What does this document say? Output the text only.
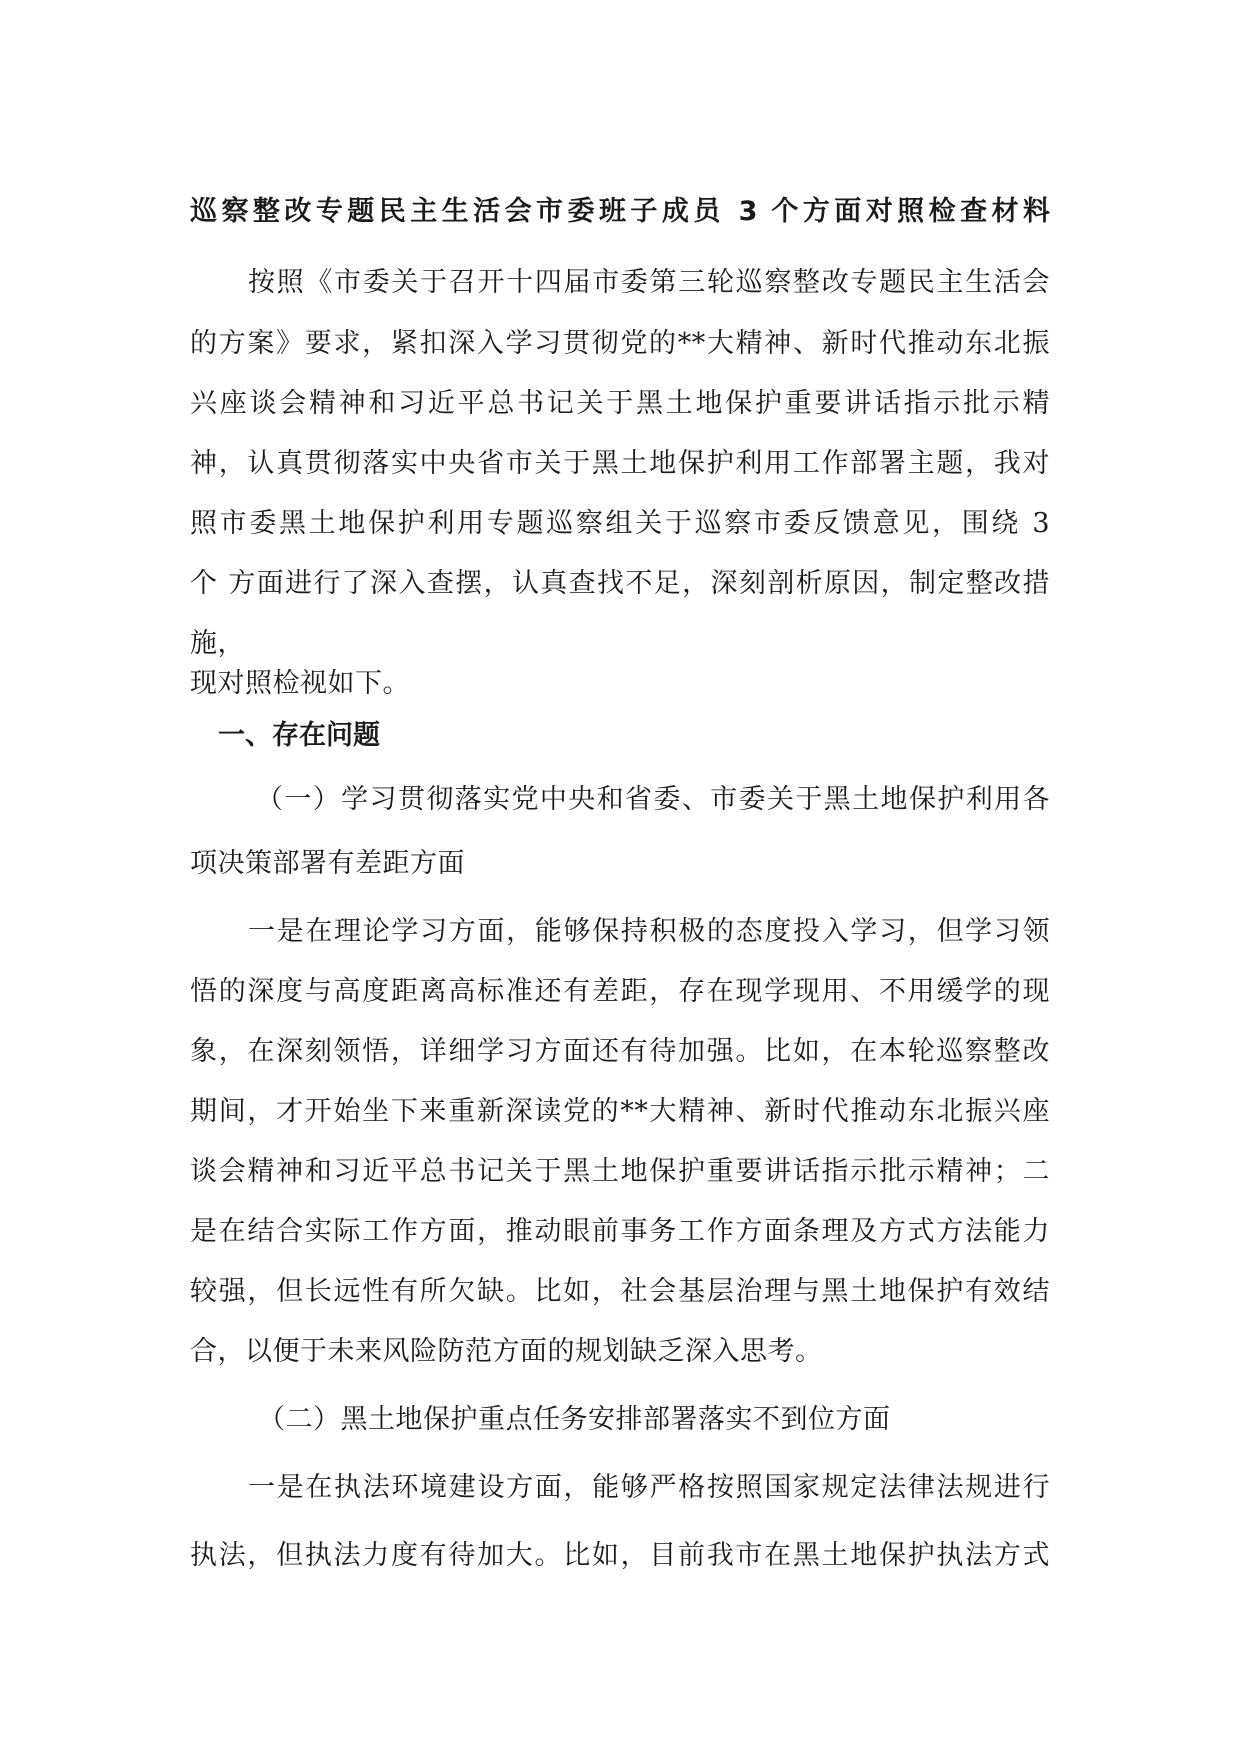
巡察整改专题民主生活会市委班子成员 3 个方面对照检查材料
按照《市委关于召开十四届市委第三轮巡察整改专题民主生活会
的方案》要求，紧扣深入学习贯彻党的**大精神、新时代推动东北振
兴座谈会精神和习近平总书记关于黑土地保护重要讲话指示批示精
神，认真贯彻落实中央省市关于黑土地保护利用工作部署主题，我对
照市委黑土地保护利用专题巡察组关于巡察市委反馈意见，围绕 3
个 方面进行了深入查摆，认真查找不足，深刻剖析原因，制定整改措
施，
现对照检视如下。
一、存在问题
（一）学习贯彻落实党中央和省委、市委关于黑土地保护利用各
项决策部署有差距方面
一是在理论学习方面，能够保持积极的态度投入学习，但学习领
悟的深度与高度距离高标准还有差距，存在现学现用、不用缓学的现
象，在深刻领悟，详细学习方面还有待加强。比如，在本轮巡察整改
期间，才开始坐下来重新深读党的**大精神、新时代推动东北振兴座
谈会精神和习近平总书记关于黑土地保护重要讲话指示批示精神；二
是在结合实际工作方面，推动眼前事务工作方面条理及方式方法能力
较强，但长远性有所欠缺。比如，社会基层治理与黑土地保护有效结
合，以便于未来风险防范方面的规划缺乏深入思考。
（二）黑土地保护重点任务安排部署落实不到位方面
一是在执法环境建设方面，能够严格按照国家规定法律法规进行
执法，但执法力度有待加大。比如，目前我市在黑土地保护执法方式
